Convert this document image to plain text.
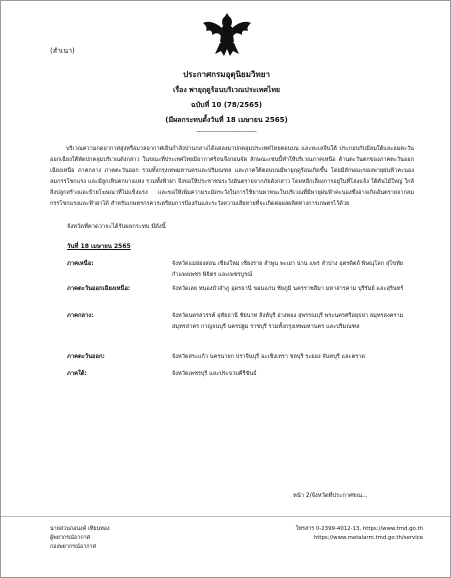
(สำเนา)
ประกาศกรมอุตุนิยมวิทยา
เรื่อง พายุฤดูร้อนบริเวณประเทศไทย
ฉบับที่ 10 (78/2565)
(มีผลกระทบตั้งวันที่ 18 เมษายน 2565)
------------------------------------
บริเวณความกดอากาศสูงหรือมวลอากาศเย็นกำลังปานกลางได้แผ่ลงมาปกคลุมประเทศไทยตอนบน และทะเลจีนใต้ ประกอบกับมีลมใต้และลมตะวันออกเฉียงใต้พัดปกคลุมบริเวณดังกล่าว ในขณะที่ประเทศไทยมีอากาศร้อนจึงก่อนจัด ลักษณะเช่นนี้ทำให้บริเวณภาคเหนือ ด้านตะวันตกของภาคตะวันออกเฉียงเหนือ ภาคกลาง ภาคตะวันออก รวมทั้งกรุงเทพมหานครและปริมณฑล และภาคใต้ตอนบนมีพายุฤดูร้อนเกิดขึ้น โดยมีลักษณะของพายุฝนฟ้าคะนอง ลมกรรโชกแรง และมีลูกเห็บตกบางแห่ง รวมทั้งฟ้าผ่า จึงขอให้ประชาชนระวังอันตรายจากภัยดังกล่าว โดยหลีกเลี่ยงการอยู่ในที่โล่งแจ้ง ใต้ต้นไม้ใหญ่ ใกล้สิ่งปลูกสร้างและป้ายโฆษณาที่ไม่แข็งแรง และขอให้เพิ่มความระมัดระวังในการใช้ยานพาหนะในบริเวณที่มีพายุฝนฟ้าคะนองซึ่งอาจเกิดอันตรายจากลมกรรโชกแรงและฟ้าผ่าได้ สำหรับเกษตรกรควรเตรียมการป้องกันและระวังความเสียหายที่จะเกิดต่อผลผลิตทางการเกษตรไว้ด้วย
จังหวัดที่คาดว่าจะได้รับผลกระทบ มีดังนี้
วันที่ 18 เมษายน 2565
ภาคเหนือ:	จังหวัดแม่ฮ่องสอน เชียงใหม่ เชียงราย ลำพูน พะเยา น่าน แพร่ ลำปาง อุตรดิตถ์ พิษณุโลก สุโขทัย กำแพงเพชร พิจิตร และเพชรบูรณ์
ภาคตะวันออกเฉียงเหนือ:	จังหวัดเลย หนองบัวลำภู อุดรธานี ขอนแก่น ชัยภูมิ นครราชสีมา มหาสารคาม บุรีรัมย์ และสุรินทร์
ภาคกลาง:	จังหวัดนครสวรรค์ อุทัยธานี ชัยนาท สิงห์บุรี อ่างทอง สุพรรณบุรี พระนครศรีอยุธยา สมุทรสงคราม สมุทรสาคร กาญจนบุรี นครปฐม ราชบุรี รวมทั้งกรุงเทพมหานคร และปริมณฑล
ภาคตะวันออก:	จังหวัดสระแก้ว นครนายก ปราจีนบุรี ฉะเชิงเทรา ชลบุรี ระยอง จันทบุรี และตราด
ภาคใต้:	จังหวัดเพชรบุรี และประจวบคีรีขันธ์
หน้า 2/จังหวัดที่ประกาศขณ...
นายสวนกอนงค์ เทียนทอง
ผู้พยากรณ์อากาศ
กองพยากรณ์อากาศ
โทรสาร 0-2399-4012-13, https://www.tmd.go.th
https://www.metalarm.tmd.go.th/service
